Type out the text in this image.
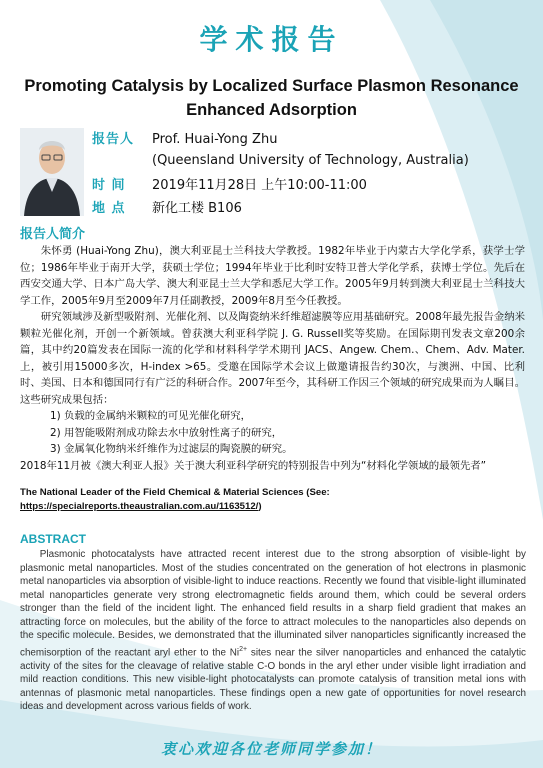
学术报告
Promoting Catalysis by Localized Surface Plasmon Resonance Enhanced Adsorption
报告人 Prof. Huai-Yong Zhu
(Queensland University of Technology, Australia)
时 间 2019年11月28日 上午10:00-11:00
地 点 新化工楼 B106
报告人简介

朱怀勇 (Huai-Yong Zhu)，澳大利亚昆士兰科技大学教授。1982年毕业于内蒙古大学化学系，获学士学位；1986年毕业于南开大学，获硕士学位；1994年毕业于比利时安特卫普大学化学系，获博士学位。先后在西安交通大学、日本广岛大学、澳大利亚昆士兰大学和悉尼大学工作。2005年9月转到澳大利亚昆士兰科技大学工作，2005年9月至2009年7月任副教授，2009年8月至今任教授。

研究领域涉及新型吸附剂、光催化剂、以及陶瓷纳米纤维超滤膜等应用基础研究。2008年最先报告金纳米颗粒光催化剂，开创一个新领域。曾获澳大利亚科学院 J. G. Russell奖等奖励。在国际期刊发表文章200余篇，其中约20篇发表在国际一流的化学和材料科学学术期刊 JACS、Angew. Chem.、Chem、Adv. Mater. 上，被引用15000多次，H-index >65。受邀在国际学术会议上做邀请报告约30次，与澳洲、中国、比利时、美国、日本和德国同行有广泛的科研合作。2007年至今，其科研工作因三个领域的研究成果而为人瞩目。这些研究成果包括：

1) 负载的金属纳米颗粒的可见光催化研究，

2) 用智能吸附剂成功除去水中放射性离子的研究，

3) 金属氧化物纳米纤维作为过滤层的陶瓷膜的研究。

2018年11月被《澳大利亚人报》关于澳大利亚科学研究的特别报告中列为“材料化学领域的最领先者”

The National Leader of the Field Chemical & Material Sciences (See: https://specialreports.theaustralian.com.au/1163512/)
ABSTRACT

Plasmonic photocatalysts have attracted recent interest due to the strong absorption of visible-light by plasmonic metal nanoparticles. Most of the studies concentrated on the generation of hot electrons in plasmonic metal nanoparticles via absorption of visible-light to induce reactions. Recently we found that visible-light illuminated metal nanoparticles generate very strong electromagnetic fields around them, which could be several orders stronger than the field of the incident light. The enhanced field results in a sharp field gradient that makes an attracting force on molecules, but the ability of the force to attract molecules to the nanoparticles also depends on the specific molecule. Besides, we demonstrated that the illuminated silver nanoparticles significantly increased the chemisorption of the reactant aryl ether to the $Ni^{2+}$ sites near the silver nanoparticles and enhanced the catalytic activity of the sites for the cleavage of relative stable C-O bonds in the aryl ether under visible light irradiation and mild reaction conditions. This new visible-light photocatalysts can promote catalysis of transition metal ions with antennas of plasmonic metal nanoparticles. These findings open a new gate of opportunities for novel research ideas and development across various fields of work.

衷心欢迎各位老师同学参加！
